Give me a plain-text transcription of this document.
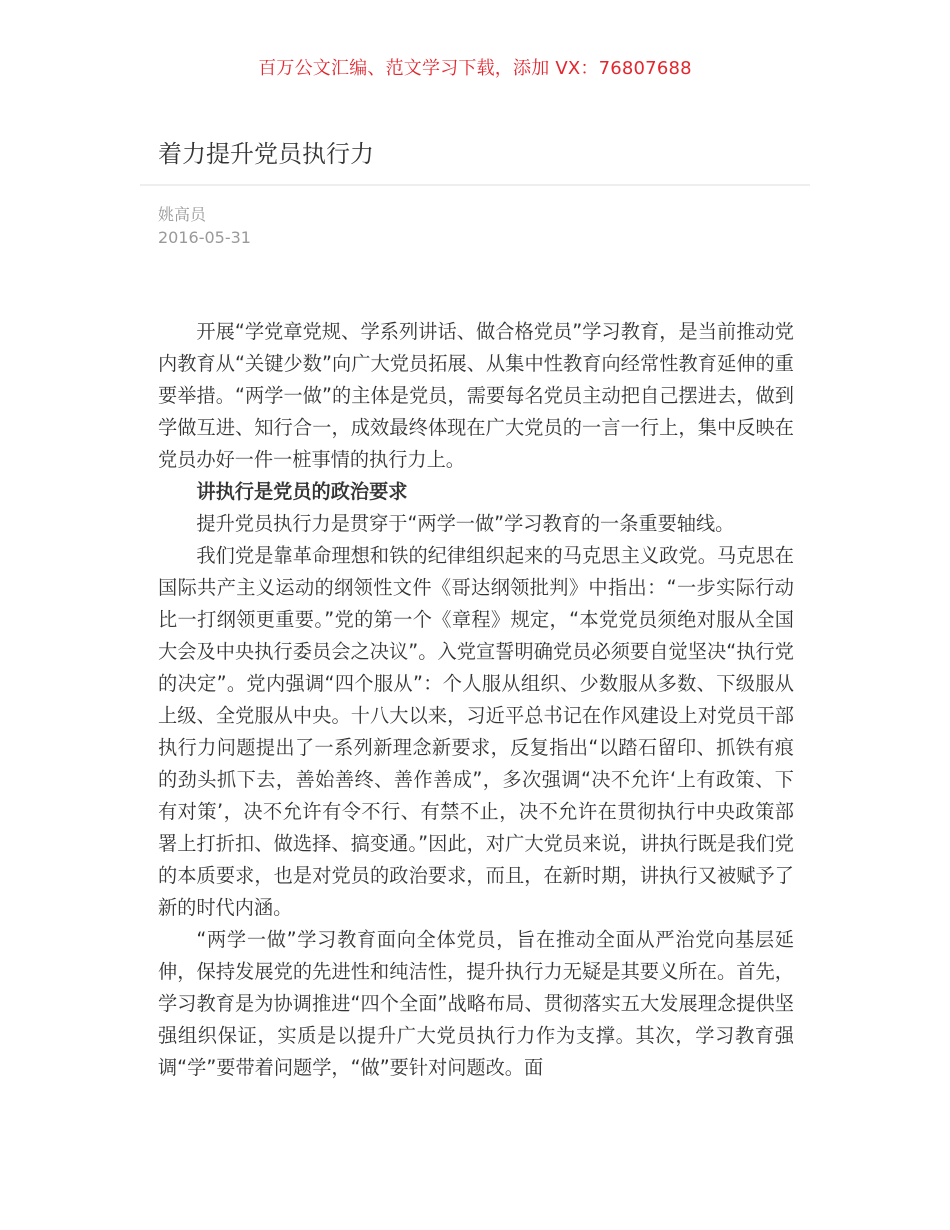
百万公文汇编、范文学习下载，添加 VX：76807688
着力提升党员执行力
姚高员
2016-05-31

开展“学党章党规、学系列讲话、做合格党员”学习教育，是当前推动党内教育从“关键少数”向广大党员拓展、从集中性教育向经常性教育延伸的重要举措。“两学一做”的主体是党员，需要每名党员主动把自己摆进去，做到学做互进、知行合一，成效最终体现在广大党员的一言一行上，集中反映在党员办好一件一桩事情的执行力上。

讲执行是党员的政治要求

提升党员执行力是贯穿于“两学一做”学习教育的一条重要轴线。

我们党是靠革命理想和铁的纪律组织起来的马克思主义政党。马克思在国际共产主义运动的纲领性文件《哥达纲领批判》中指出：“一步实际行动比一打纲领更重要。”党的第一个《章程》规定，“本党党员须绝对服从全国大会及中央执行委员会之决议”。入党宣誓明确党员必须要自觉坚决“执行党的决定”。党内强调“四个服从”：个人服从组织、少数服从多数、下级服从上级、全党服从中央。十八大以来，习近平总书记在作风建设上对党员干部执行力问题提出了一系列新理念新要求，反复指出“以踏石留印、抓铁有痕的劲头抓下去，善始善终、善作善成”，多次强调“决不允许‘上有政策、下有对策’，决不允许有令不行、有禁不止，决不允许在贯彻执行中央政策部署上打折扣、做选择、搞变通。”因此，对广大党员来说，讲执行既是我们党的本质要求，也是对党员的政治要求，而且，在新时期，讲执行又被赋予了新的时代内涵。

“两学一做”学习教育面向全体党员，旨在推动全面从严治党向基层延伸，保持发展党的先进性和纯洁性，提升执行力无疑是其要义所在。首先，学习教育是为协调推进“四个全面”战略布局、贯彻落实五大发展理念提供坚强组织保证，实质是以提升广大党员执行力作为支撑。其次，学习教育强调“学”要带着问题学，“做”要针对问题改。面
